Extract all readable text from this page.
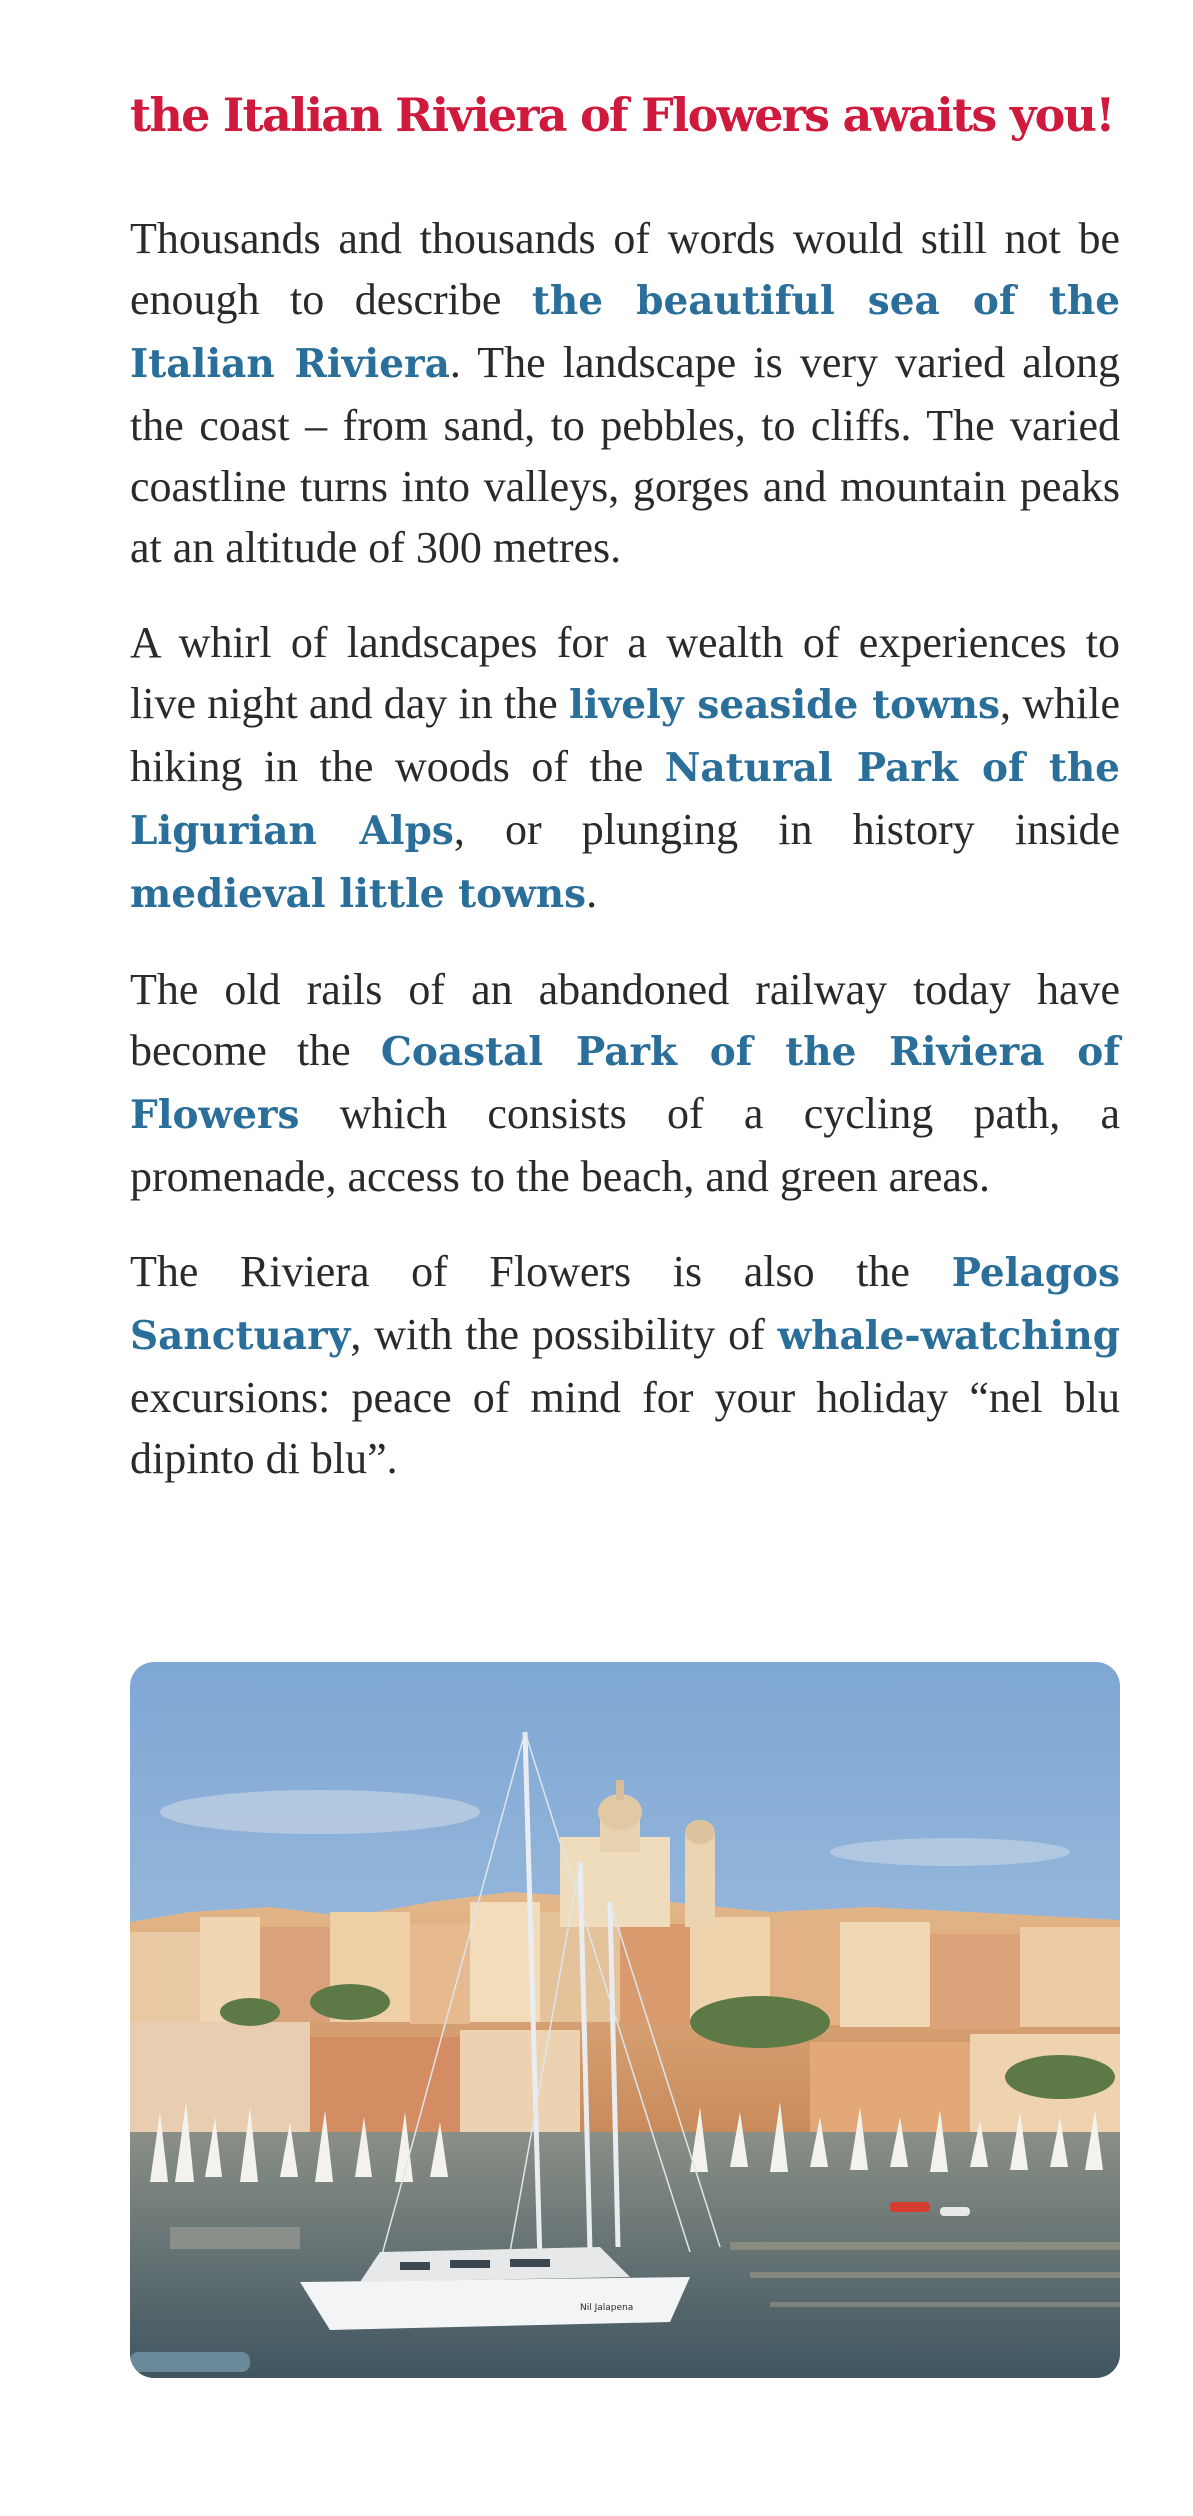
the Italian Riviera of Flowers awaits you!

Thousands and thousands of words would still not be enough to describe the beautiful sea of the Italian Riviera. The landscape is very varied along the coast – from sand, to pebbles, to cliffs. The varied coastline turns into valleys, gorges and mountain peaks at an altitude of 300 metres.

A whirl of landscapes for a wealth of experiences to live night and day in the lively seaside towns, while hiking in the woods of the Natural Park of the Ligurian Alps, or plunging in history inside medieval little towns.

The old rails of an abandoned railway today have become the Coastal Park of the Riviera of Flowers which consists of a cycling path, a promenade, access to the beach, and green areas.

The Riviera of Flowers is also the Pelagos Sanctuary, with the possibility of whale-watching excursions: peace of mind for your holiday “nel blu dipinto di blu”.

Nil Jalapena
